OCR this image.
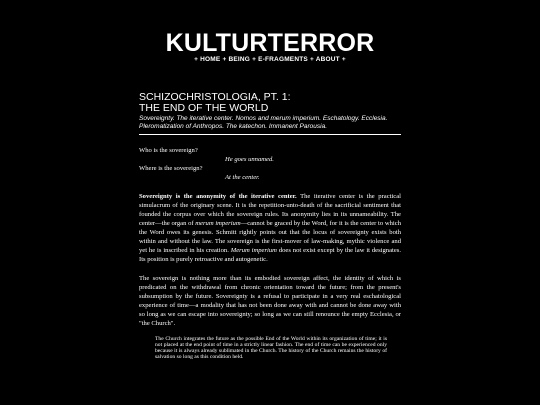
KULTURTERROR
+ HOME + BEING + E-FRAGMENTS + ABOUT +
SCHIZOCHRISTOLOGIA, PT. 1:
THE END OF THE WORLD
Sovereignty. The iterative center. Nomos and merum imperium. Eschatology. Ecclesia. Pleromatization of Anthropos. The katechon. Immanent Parousia.
Who is the sovereign?
He goes unnamed.
Where is the sovereign?
At the center.
Sovereignty is the anonymity of the iterative center. The iterative center is the practical simulacrum of the originary scene. It is the repetition-unto-death of the sacrificial sentiment that founded the corpus over which the sovereign rules. Its anonymity lies in its unnameability. The center—the organ of merum imperium—cannot be graced by the Word, for it is the center to which the Word owes its genesis. Schmitt rightly points out that the locus of sovereignty exists both within and without the law. The sovereign is the first-mover of law-making, mythic violence and yet he is inscribed in his creation. Merum imperium does not exist except by the law it designates. Its position is purely retroactive and autogenetic.
The sovereign is nothing more than its embodied sovereign affect, the identity of which is predicated on the withdrawal from chronic orientation toward the future; from the present's subsumption by the future. Sovereignty is a refusal to participate in a very real eschatological experience of time—a modality that has not been done away with and cannot be done away with so long as we can escape into sovereignty; so long as we can still renounce the empty Ecclesia, or "the Church".
The Church integrates the future as the possible End of the World within its organization of time; it is not placed at the end point of time in a strictly linear fashion. The end of time can be experienced only because it is always already sublimated in the Church. The history of the Church remains the history of salvation so long as this condition held.
